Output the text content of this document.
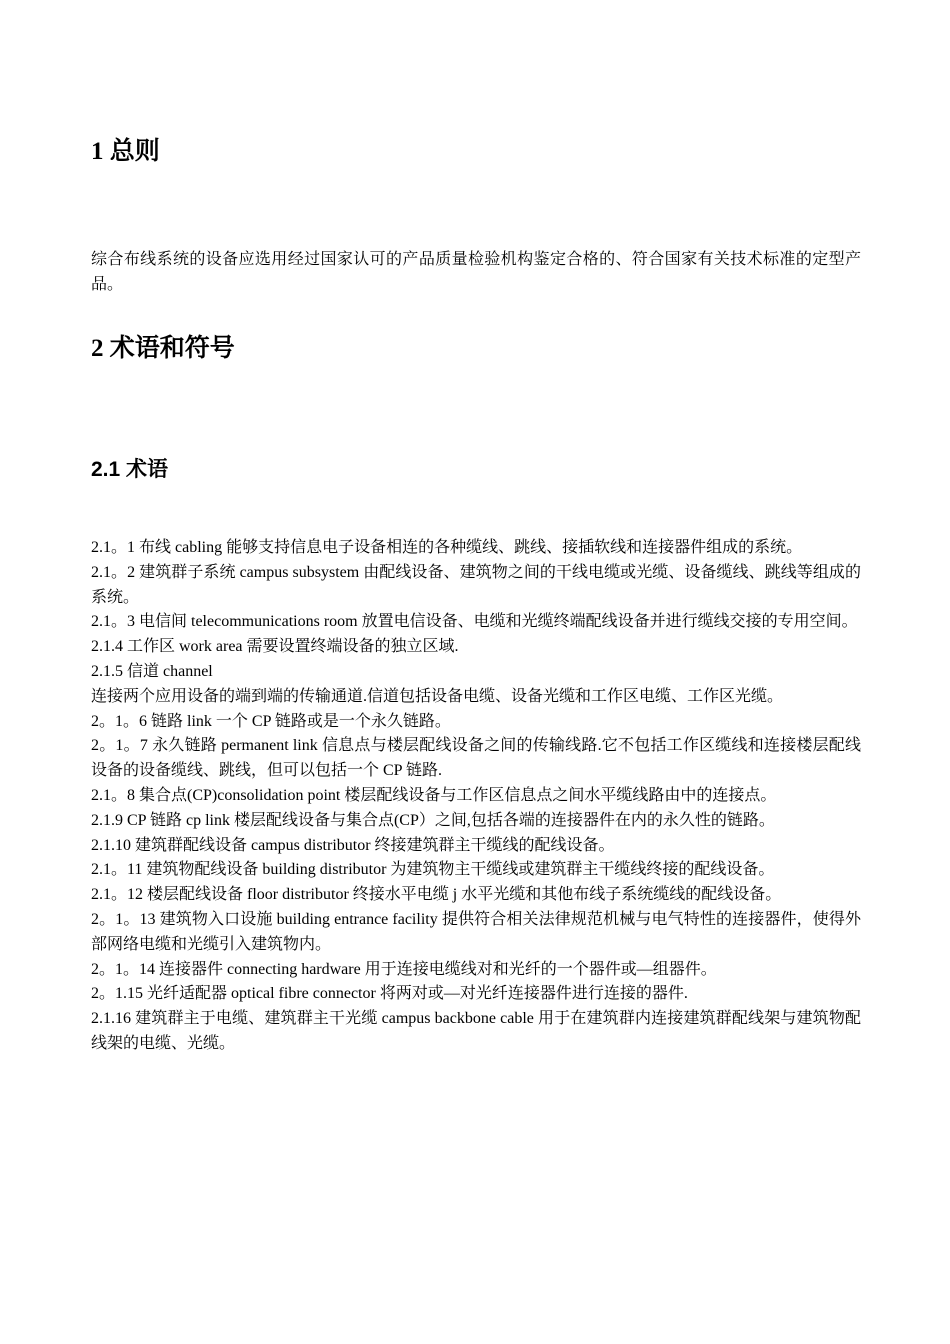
1 总则

综合布线系统的设备应选用经过国家认可的产品质量检验机构鉴定合格的、符合国家有关技术标准的定型产品。

2 术语和符号
2.1 术语
2.1。1 布线 cabling 能够支持信息电子设备相连的各种缆线、跳线、接插软线和连接器件组成的系统。
2.1。2 建筑群子系统 campus subsystem 由配线设备、建筑物之间的干线电缆或光缆、设备缆线、跳线等组成的系统。
2.1。3 电信间 telecommunications room 放置电信设备、电缆和光缆终端配线设备并进行缆线交接的专用空间。
2.1.4 工作区 work area 需要设置终端设备的独立区域.
2.1.5 信道 channel
连接两个应用设备的端到端的传输通道.信道包括设备电缆、设备光缆和工作区电缆、工作区光缆。
2。1。6 链路 link 一个 CP 链路或是一个永久链路。
2。1。7 永久链路 permanent link 信息点与楼层配线设备之间的传输线路.它不包括工作区缆线和连接楼层配线设备的设备缆线、跳线，但可以包括一个 CP 链路.
2.1。8 集合点(CP)consolidation point 楼层配线设备与工作区信息点之间水平缆线路由中的连接点。
2.1.9 CP 链路 cp link 楼层配线设备与集合点(CP）之间,包括各端的连接器件在内的永久性的链路。
2.1.10 建筑群配线设备 campus distributor 终接建筑群主干缆线的配线设备。
2.1。11 建筑物配线设备 building distributor 为建筑物主干缆线或建筑群主干缆线终接的配线设备。
2.1。12 楼层配线设备 floor distributor 终接水平电缆 j 水平光缆和其他布线子系统缆线的配线设备。
2。1。13 建筑物入口设施 building entrance facility 提供符合相关法律规范机械与电气特性的连接器件，使得外部网络电缆和光缆引入建筑物内。
2。1。14 连接器件 connecting hardware 用于连接电缆线对和光纤的一个器件或—组器件。
2。1.15 光纤适配器 optical fibre connector 将两对或—对光纤连接器件进行连接的器件.
2.1.16 建筑群主于电缆、建筑群主干光缆 campus backbone cable 用于在建筑群内连接建筑群配线架与建筑物配线架的电缆、光缆。
